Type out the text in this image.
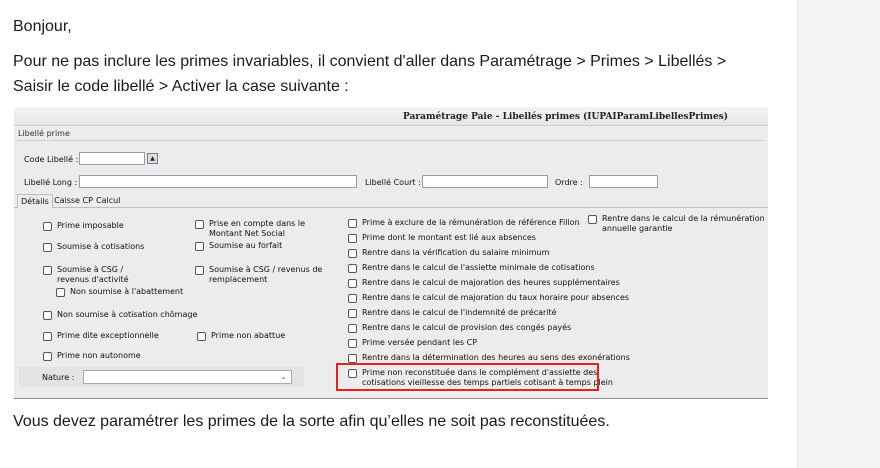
Bonjour,
Pour ne pas inclure les primes invariables, il convient d'aller dans Paramétrage > Primes > Libellés >
Saisir le code libellé > Activer la case suivante :
Paramétrage Paie - Libellés primes (IUPAIParamLibellesPrimes)
Libellé prime
Code Libellé :	▲
Libellé Long :	Libellé Court :	Ordre :
Détails Caisse CP Calcul
Prime imposable
Soumise à cotisations
Soumise à CSG /
revenus d'activité
Non soumise à l'abattement
Non soumise à cotisation chômage
Prime dite exceptionnelle
Prime non autonome
Prise en compte dans le
Montant Net Social
Soumise au forfait
Soumise à CSG / revenus de
remplacement
Prime non abattue
Prime à exclure de la rémunération de référence Fillon
Prime dont le montant est lié aux absences
Rentre dans la vérification du salaire minimum
Rentre dans le calcul de l'assiette minimale de cotisations
Rentre dans le calcul de majoration des heures supplémentaires
Rentre dans le calcul de majoration du taux horaire pour absences
Rentre dans le calcul de l'indemnité de précarité
Rentre dans le calcul de provision des congés payés
Prime versée pendant les CP
Rentre dans la détermination des heures au sens des exonérations
Prime non reconstituée dans le complément d'assiette des
cotisations vieillesse des temps partiels cotisant à temps plein
Rentre dans le calcul de la rémunération
annuelle garantie
Nature :	⌄
Vous devez paramétrer les primes de la sorte afin qu’elles ne soit pas reconstituées.
